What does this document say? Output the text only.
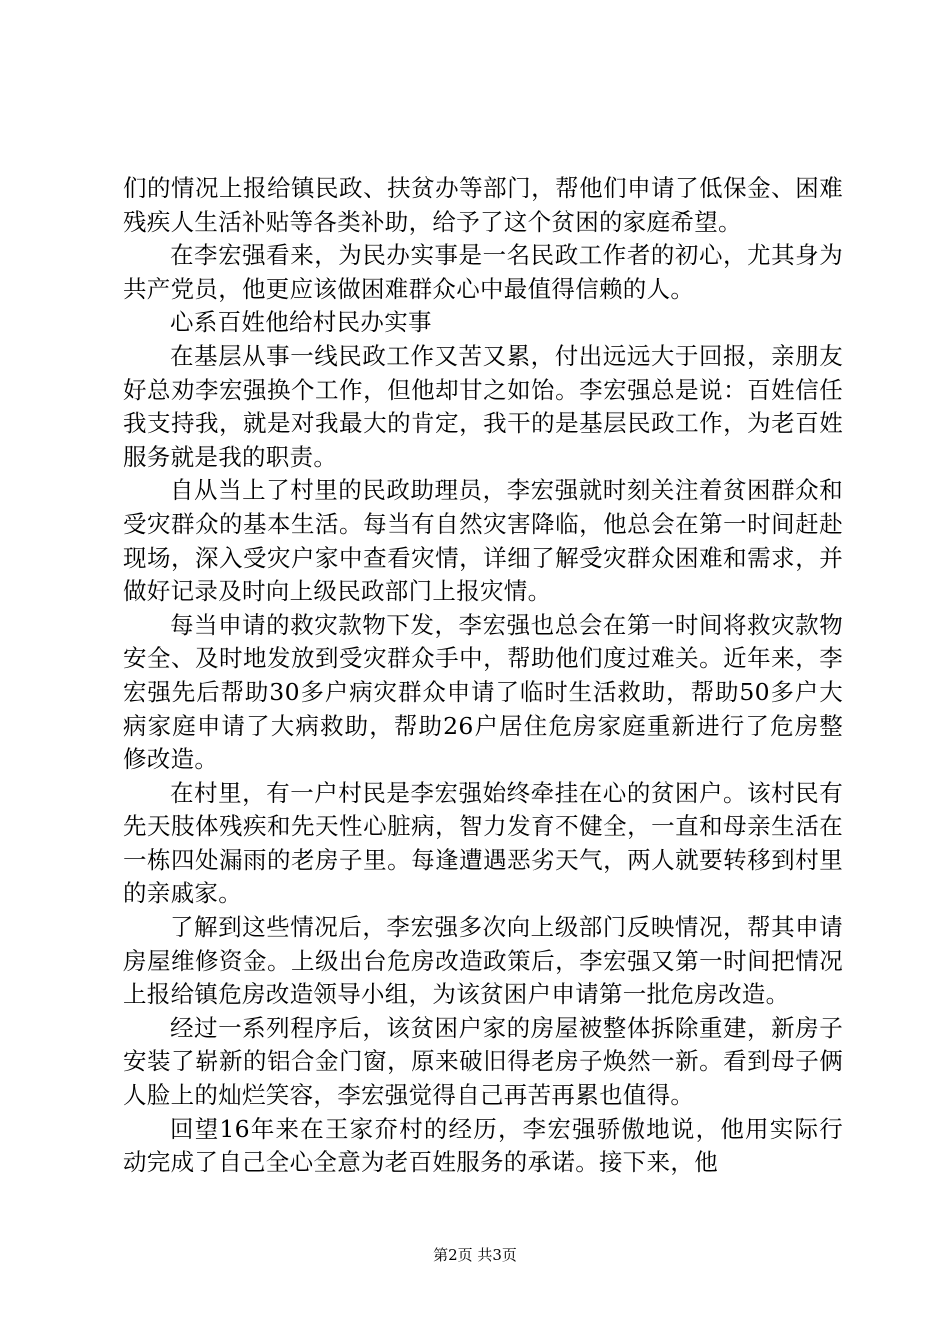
们的情况上报给镇民政、扶贫办等部门，帮他们申请了低保金、困难残疾人生活补贴等各类补助，给予了这个贫困的家庭希望。

在李宏强看来，为民办实事是一名民政工作者的初心，尤其身为共产党员，他更应该做困难群众心中最值得信赖的人。

心系百姓他给村民办实事

在基层从事一线民政工作又苦又累，付出远远大于回报，亲朋友好总劝李宏强换个工作，但他却甘之如饴。李宏强总是说：百姓信任我支持我，就是对我最大的肯定，我干的是基层民政工作，为老百姓服务就是我的职责。

自从当上了村里的民政助理员，李宏强就时刻关注着贫困群众和受灾群众的基本生活。每当有自然灾害降临，他总会在第一时间赶赴现场，深入受灾户家中查看灾情，详细了解受灾群众困难和需求，并做好记录及时向上级民政部门上报灾情。

每当申请的救灾款物下发，李宏强也总会在第一时间将救灾款物安全、及时地发放到受灾群众手中，帮助他们度过难关。近年来，李宏强先后帮助30多户病灾群众申请了临时生活救助，帮助50多户大病家庭申请了大病救助，帮助26户居住危房家庭重新进行了危房整修改造。

在村里，有一户村民是李宏强始终牵挂在心的贫困户。该村民有先天肢体残疾和先天性心脏病，智力发育不健全，一直和母亲生活在一栋四处漏雨的老房子里。每逢遭遇恶劣天气，两人就要转移到村里的亲戚家。

了解到这些情况后，李宏强多次向上级部门反映情况，帮其申请房屋维修资金。上级出台危房改造政策后，李宏强又第一时间把情况上报给镇危房改造领导小组，为该贫困户申请第一批危房改造。

经过一系列程序后，该贫困户家的房屋被整体拆除重建，新房子安装了崭新的铝合金门窗，原来破旧得老房子焕然一新。看到母子俩人脸上的灿烂笑容，李宏强觉得自己再苦再累也值得。

回望16年来在王家夼村的经历，李宏强骄傲地说，他用实际行动完成了自己全心全意为老百姓服务的承诺。接下来，他

第2页 共3页
